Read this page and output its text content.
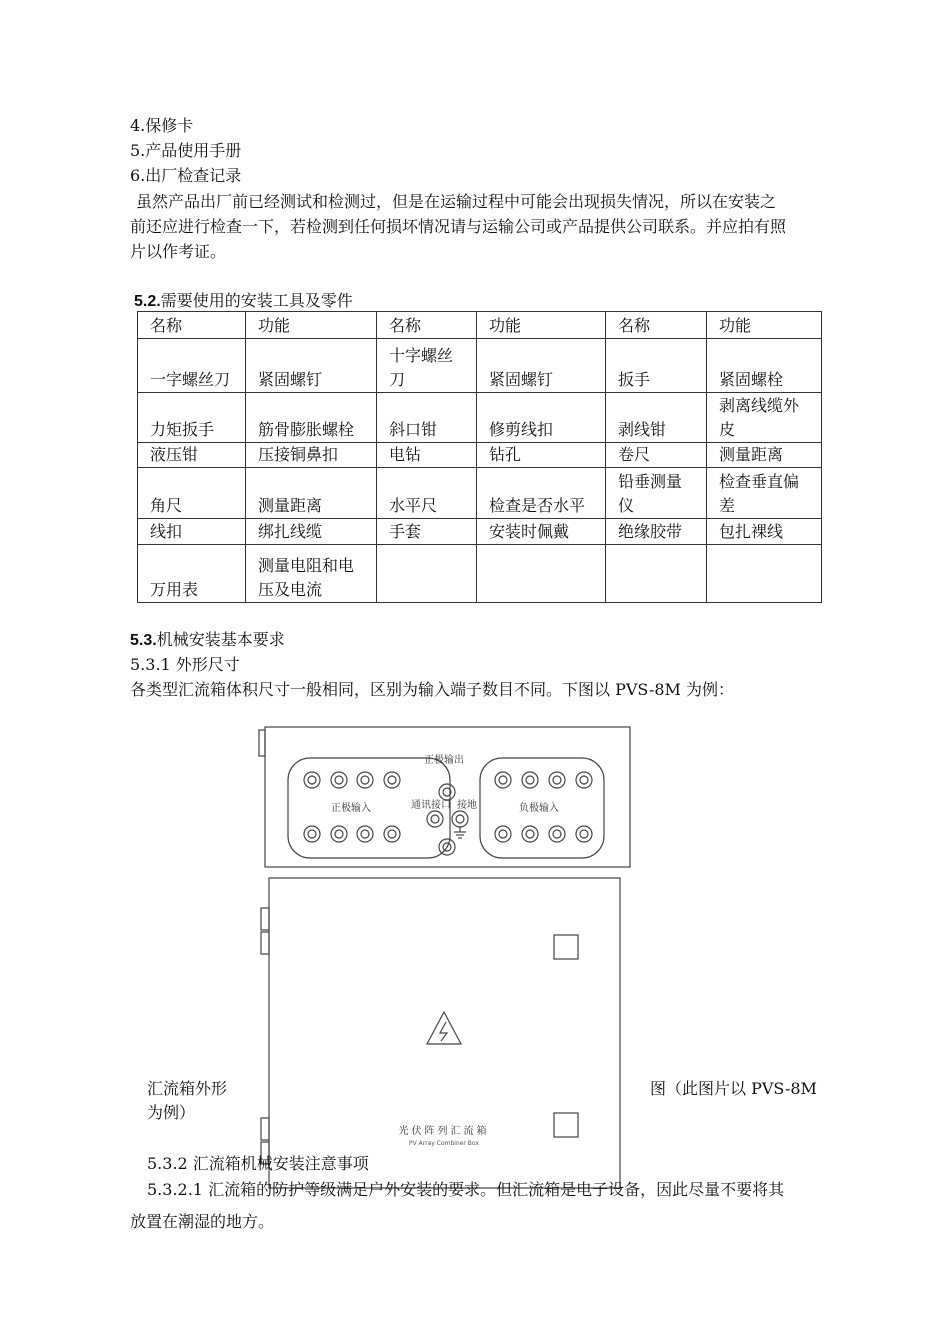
4.保修卡
5.产品使用手册
6.出厂检查记录
虽然产品出厂前已经测试和检测过，但是在运输过程中可能会出现损失情况，所以在安装之
前还应进行检查一下，若检测到任何损坏情况请与运输公司或产品提供公司联系。并应拍有照
片以作考证。
5.2.需要使用的安装工具及零件
名称	功能	名称	功能	名称	功能
一字螺丝刀	紧固螺钉	十字螺丝刀	紧固螺钉	扳手	紧固螺栓
力矩扳手	筋骨膨胀螺栓	斜口钳	修剪线扣	剥线钳	剥离线缆外皮
液压钳	压接铜鼻扣	电钻	钻孔	卷尺	测量距离
角尺	测量距离	水平尺	检查是否水平	铅垂测量仪	检查垂直偏差
线扣	绑扎线缆	手套	安装时佩戴	绝缘胶带	包扎裸线
万用表	测量电阻和电压及电流				
5.3.机械安装基本要求
5.3.1 外形尺寸
各类型汇流箱体积尺寸一般相同，区别为输入端子数目不同。下图以 PVS-8M 为例：
正极输出
正极输入	负极输入
通讯接口 接地
光伏阵列汇流箱
PV Array Combiner Box
汇流箱外形
为例）
图（此图片以 PVS-8M
5.3.2 汇流箱机械安装注意事项
5.3.2.1 汇流箱的防护等级满足户外安装的要求。但汇流箱是电子设备，因此尽量不要将其
放置在潮湿的地方。
